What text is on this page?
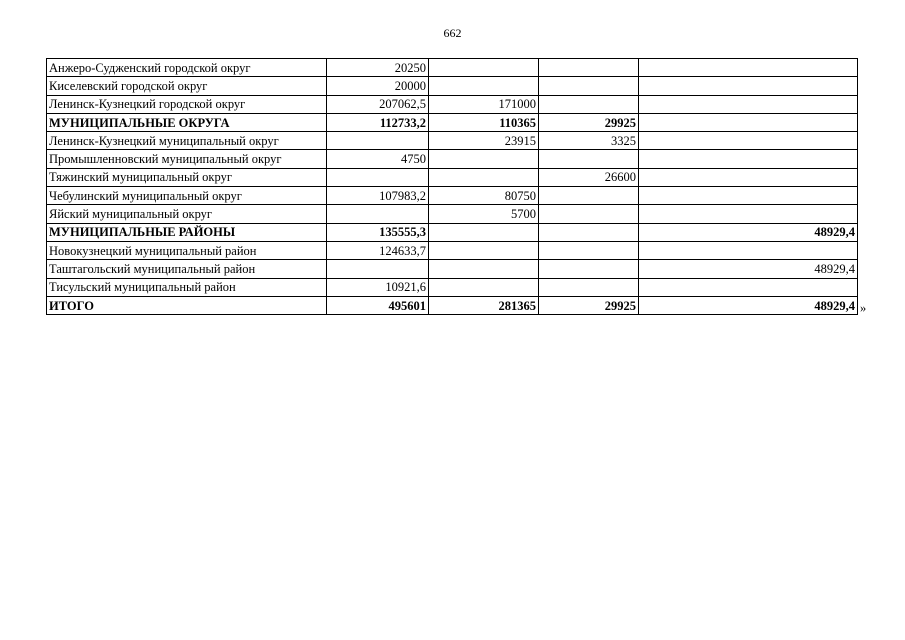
662
Анжеро-Судженский городской округ	20250			
Киселевский городской округ	20000			
Ленинск-Кузнецкий городской округ	207062,5	171000		
МУНИЦИПАЛЬНЫЕ ОКРУГА	112733,2	110365	29925	
Ленинск-Кузнецкий муниципальный округ		23915	3325	
Промышленновский муниципальный округ	4750			
Тяжинский муниципальный округ			26600	
Чебулинский муниципальный округ	107983,2	80750		
Яйский муниципальный округ		5700		
МУНИЦИПАЛЬНЫЕ РАЙОНЫ	135555,3			48929,4
Новокузнецкий муниципальный район	124633,7			
Таштагольский муниципальный район				48929,4
Тисульский муниципальный район	10921,6			
ИТОГО	495601	281365	29925	48929,4 »
